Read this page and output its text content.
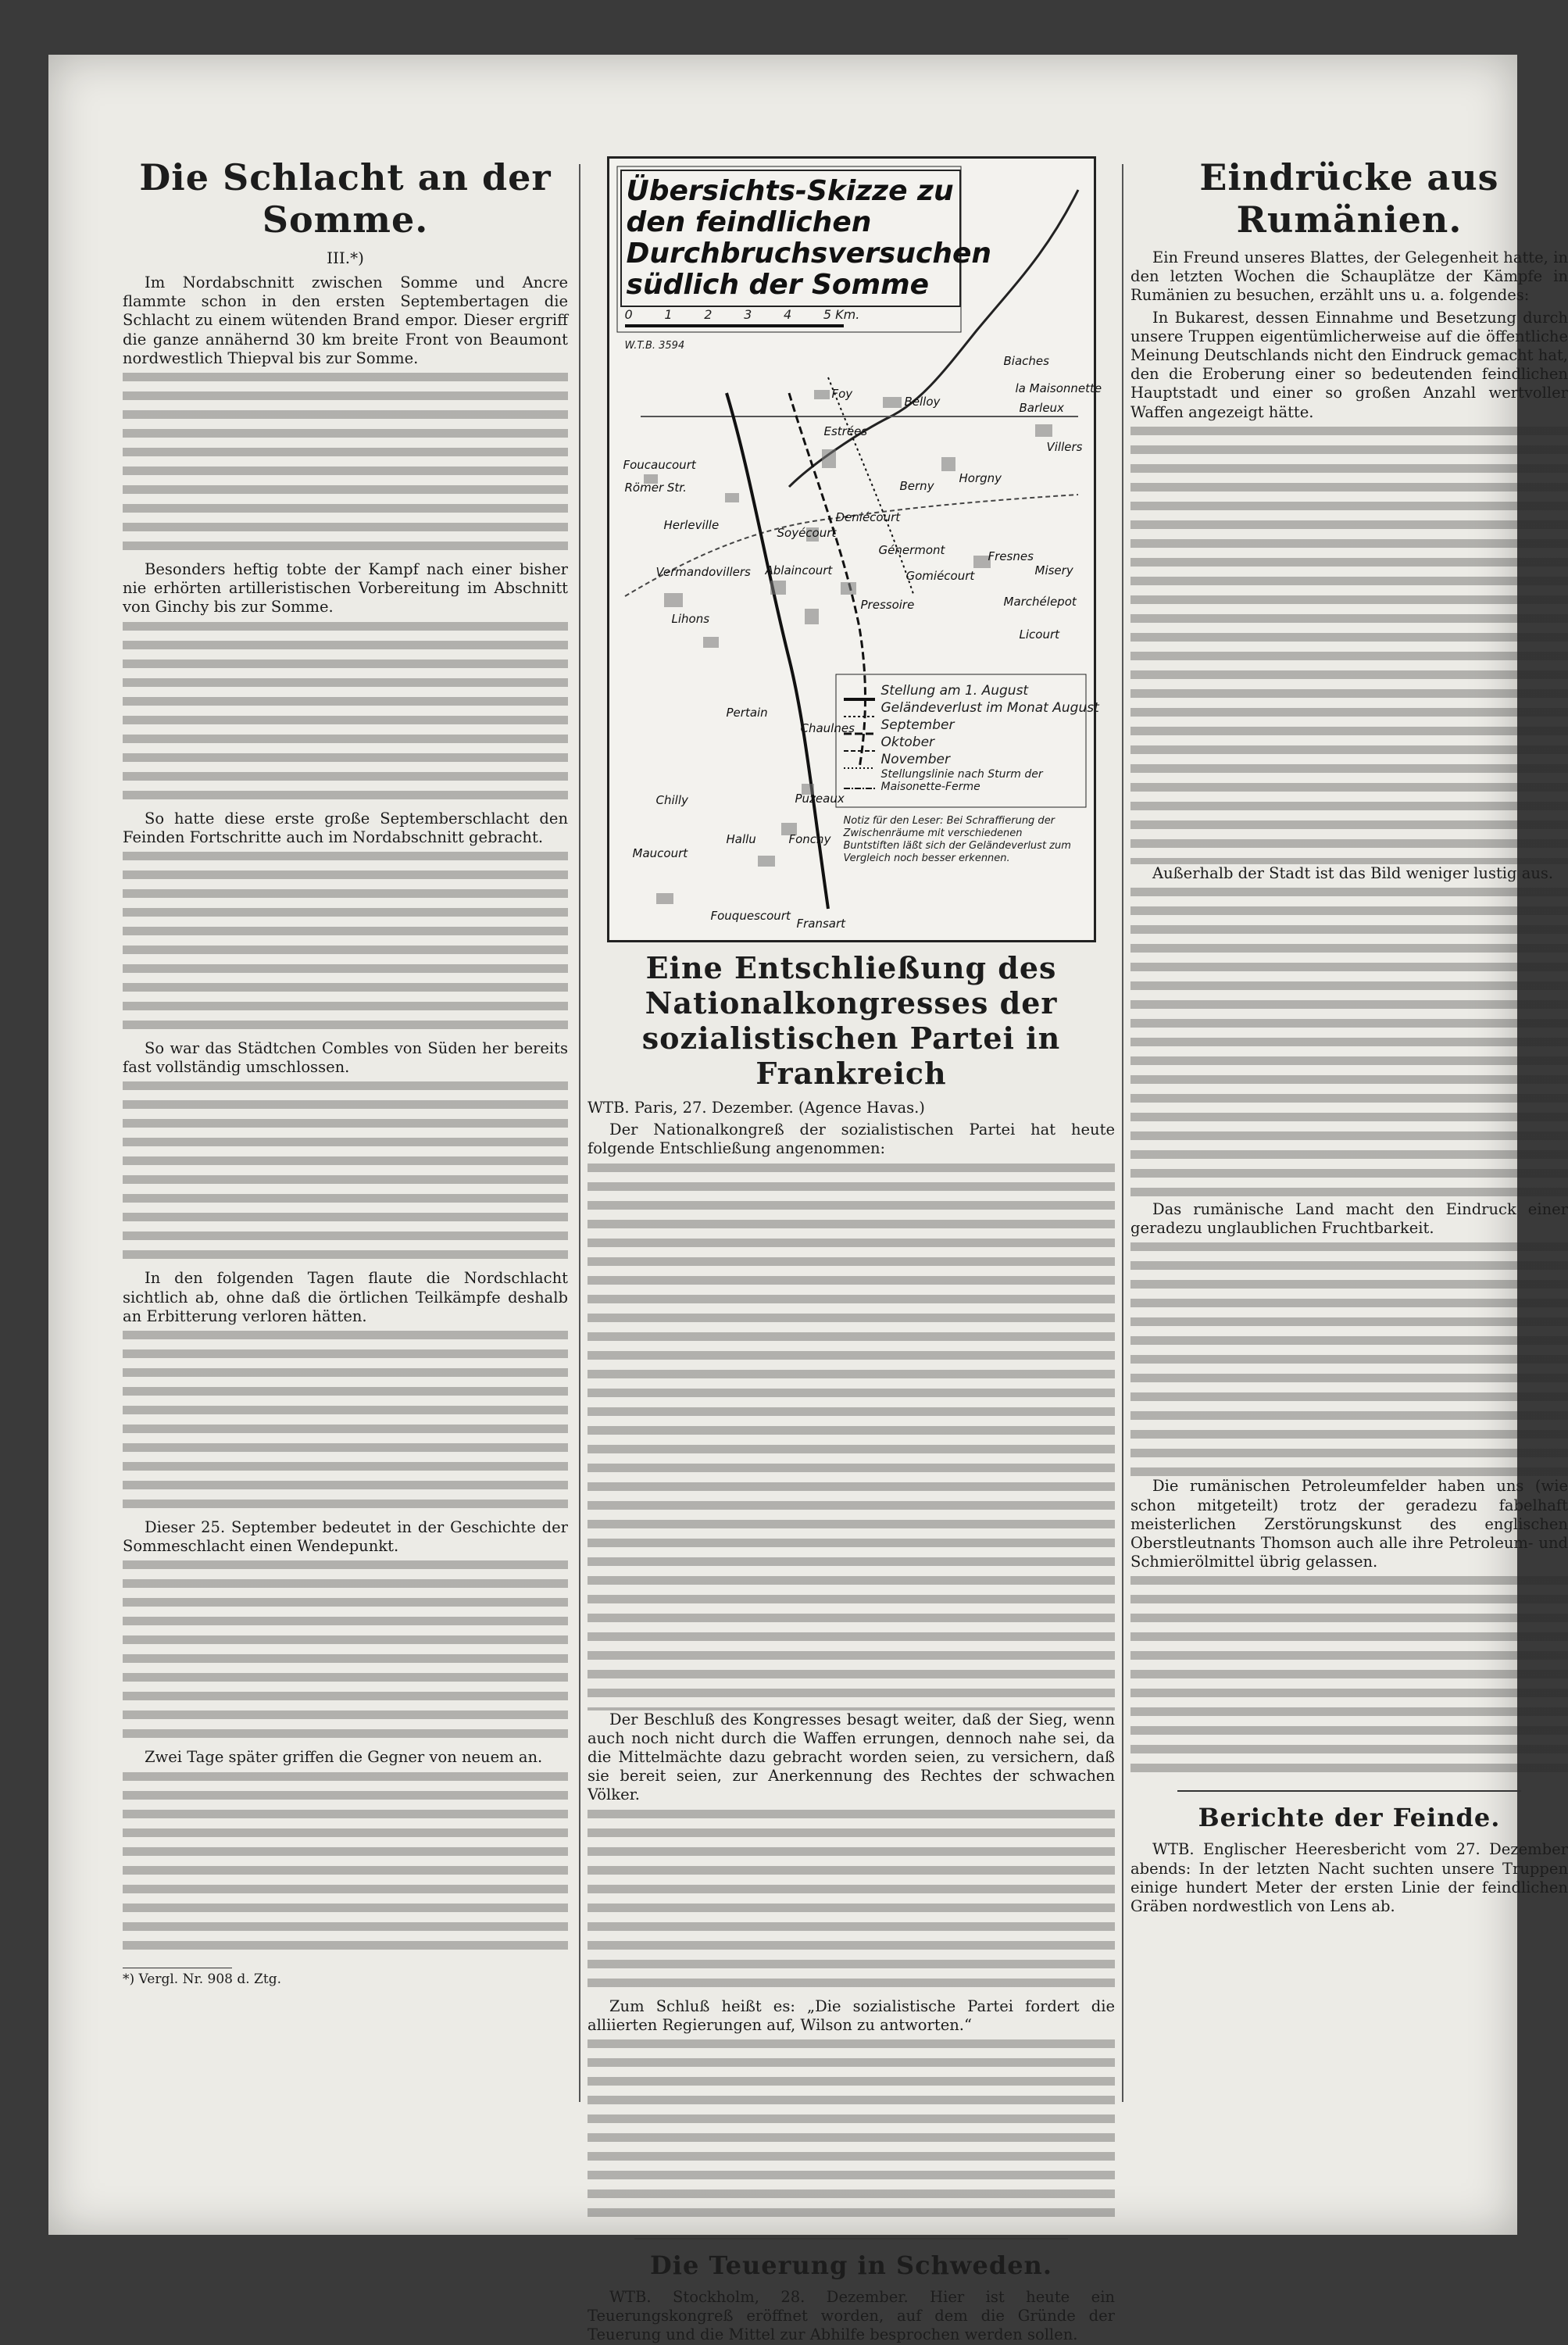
Die Schlacht an der Somme.
III.*)

Im Nordabschnitt zwischen Somme und Ancre flammte schon in den ersten Septembertagen die Schlacht zu einem wütenden Brand empor. Dieser ergriff die ganze annähernd 30 km breite Front von Beaumont nordwestlich Thiepval bis zur Somme.

Besonders heftig tobte der Kampf nach einer bisher nie erhörten artilleristischen Vorbereitung im Abschnitt von Ginchy bis zur Somme.

So hatte diese erste große Septemberschlacht den Feinden Fortschritte auch im Nordabschnitt gebracht.

So war das Städtchen Combles von Süden her bereits fast vollständig umschlossen.

In den folgenden Tagen flaute die Nordschlacht sichtlich ab, ohne daß die örtlichen Teilkämpfe deshalb an Erbitterung verloren hätten.

Dieser 25. September bedeutet in der Geschichte der Sommeschlacht einen Wendepunkt.

Zwei Tage später griffen die Gegner von neuem an.

*) Vergl. Nr. 908 d. Ztg.
Übersichts-Skizze zu den feindlichen Durchbruchsversuchen südlich der Somme
0	1	2	3	4	5 Km.
W.T.B. 3594
Biaches
la Maisonnette
Barleux
Foy
Belloy
Estrées
Villers
Foucaucourt
Römer Str.	Berny
Horgny
Herleville
Soyécourt
Deniécourt
Vermandovillers
Génermont	Fresnes
Misery
Ablaincourt	Gomiécourt
Marchélepot
Lihons
Pressoire
Licourt
Chaulnes
Pertain
Puzeaux
Chilly
Hallu	Fonchy
Maucourt
Fouquescourt
Fransart
Stellung am 1. August
Geländeverlust im Monat August
September
Oktober
November
Stellungslinie nach Sturm der Maisonette-Ferme
Notiz für den Leser: Bei Schraffierung der Zwischenräume mit verschiedenen Buntstiften läßt sich der Geländeverlust zum Vergleich noch besser erkennen.
Eine Entschließung des Nationalkongresses der sozialistischen Partei in Frankreich

WTB. Paris, 27. Dezember. (Agence Havas.)

Der Nationalkongreß der sozialistischen Partei hat heute folgende Entschließung angenommen:

Der Beschluß des Kongresses besagt weiter, daß der Sieg, wenn auch noch nicht durch die Waffen errungen, dennoch nahe sei, da die Mittelmächte dazu gebracht worden seien, zu versichern, daß sie bereit seien, zur Anerkennung des Rechtes der schwachen Völker.

Zum Schluß heißt es: „Die sozialistische Partei fordert die alliierten Regierungen auf, Wilson zu antworten.“

Die Teuerung in Schweden.

WTB. Stockholm, 28. Dezember. Hier ist heute ein Teuerungskongreß eröffnet worden, auf dem die Gründe der Teuerung und die Mittel zur Abhilfe besprochen werden sollen.

Eindrücke aus Rumänien.

Ein Freund unseres Blattes, der Gelegenheit hatte, in den letzten Wochen die Schauplätze der Kämpfe in Rumänien zu besuchen, erzählt uns u. a. folgendes:

In Bukarest, dessen Einnahme und Besetzung durch unsere Truppen eigentümlicherweise auf die öffentliche Meinung Deutschlands nicht den Eindruck gemacht hat, den die Eroberung einer so bedeutenden feindlichen Hauptstadt und einer so großen Anzahl wertvoller Waffen angezeigt hätte.

Außerhalb der Stadt ist das Bild weniger lustig aus.

Das rumänische Land macht den Eindruck einer geradezu unglaublichen Fruchtbarkeit.

Die rumänischen Petroleumfelder haben uns (wie schon mitgeteilt) trotz der geradezu fabelhaft meisterlichen Zerstörungskunst des englischen Oberstleutnants Thomson auch alle ihre Petroleum- und Schmierölmittel übrig gelassen.

Berichte der Feinde.

WTB. Englischer Heeresbericht vom 27. Dezember abends: In der letzten Nacht suchten unsere Truppen einige hundert Meter der ersten Linie der feindlichen Gräben nordwestlich von Lens ab.
